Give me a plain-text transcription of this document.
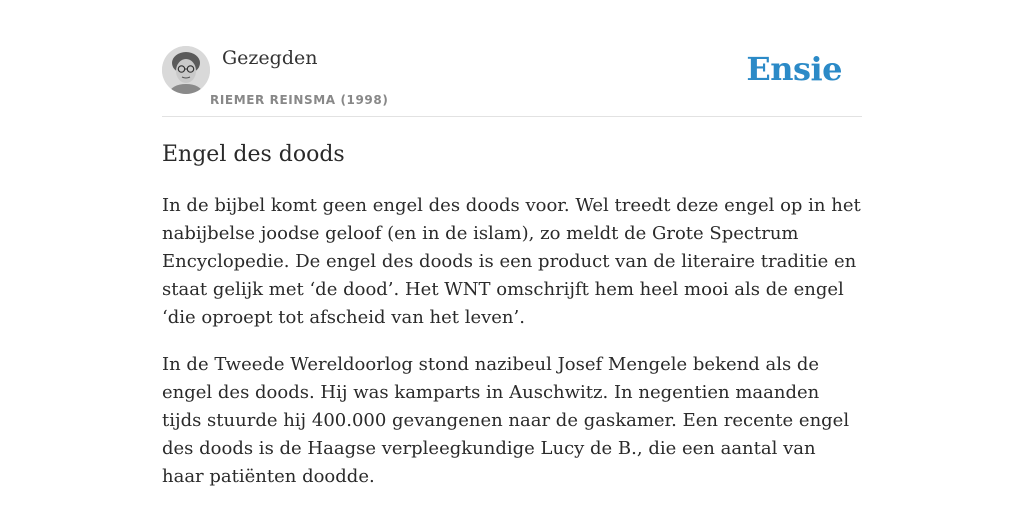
Gezegden
RIEMER REINSMA (1998)
Ensie
Engel des doods

In de bijbel komt geen engel des doods voor. Wel treedt deze engel op in het nabijbelse joodse geloof (en in de islam), zo meldt de Grote Spectrum Encyclopedie. De engel des doods is een product van de literaire traditie en staat gelijk met ‘de dood’. Het WNT omschrijft hem heel mooi als de engel ‘die oproept tot afscheid van het leven’.

In de Tweede Wereldoorlog stond nazibeul Josef Mengele bekend als de engel des doods. Hij was kamparts in Auschwitz. In negentien maanden tijds stuurde hij 400.000 gevangenen naar de gaskamer. Een recente engel des doods is de Haagse verpleegkundige Lucy de B., die een aantal van haar patiënten doodde.
